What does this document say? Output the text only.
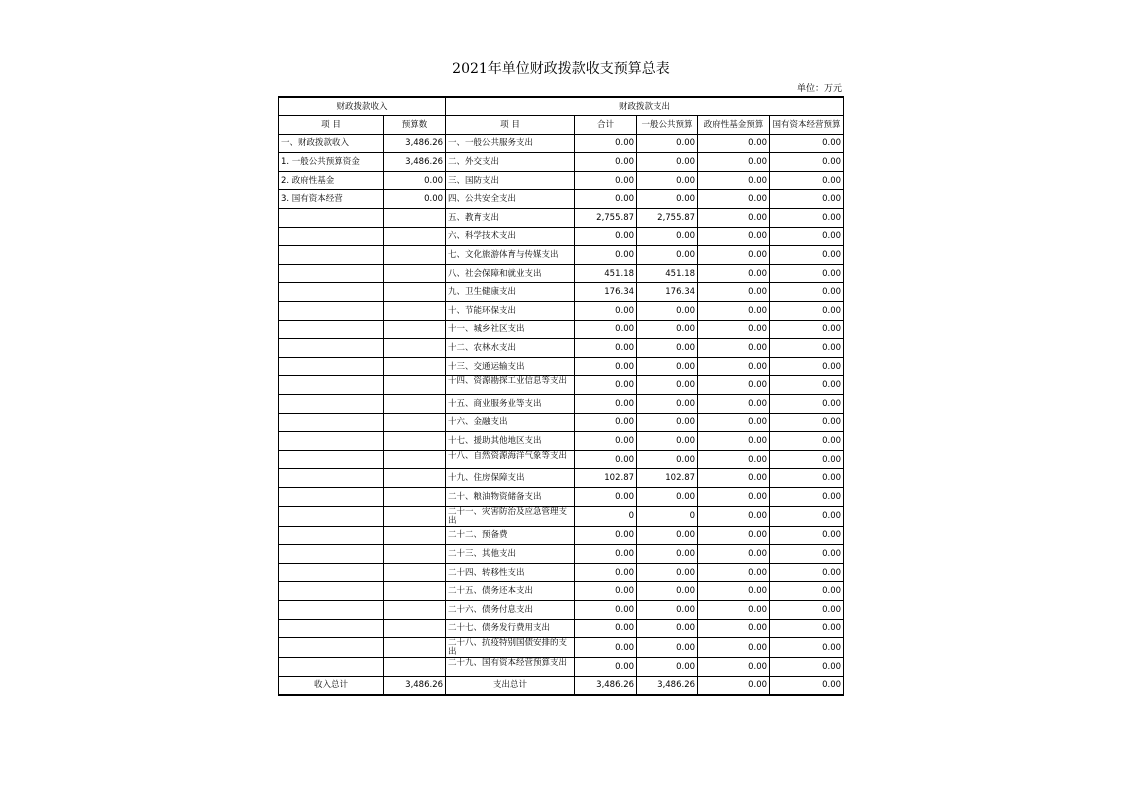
2021年单位财政拨款收支预算总表
单位：万元
财政拨款收入		财政拨款支出				
项 目	预算数	项 目	合计	一般公共预算	政府性基金预算	国有资本经营预算
一、财政拨款收入	3,486.26	一、一般公共服务支出	0.00	0.00	0.00	0.00
1. 一般公共预算资金	3,486.26	二、外交支出	0.00	0.00	0.00	0.00
2. 政府性基金	0.00	三、国防支出	0.00	0.00	0.00	0.00
3. 国有资本经营	0.00	四、公共安全支出	0.00	0.00	0.00	0.00
		五、教育支出	2,755.87	2,755.87	0.00	0.00
		六、科学技术支出	0.00	0.00	0.00	0.00
		七、文化旅游体育与传媒支出	0.00	0.00	0.00	0.00
		八、社会保障和就业支出	451.18	451.18	0.00	0.00
		九、卫生健康支出	176.34	176.34	0.00	0.00
		十、节能环保支出	0.00	0.00	0.00	0.00
		十一、城乡社区支出	0.00	0.00	0.00	0.00
		十二、农林水支出	0.00	0.00	0.00	0.00
		十三、交通运输支出	0.00	0.00	0.00	0.00
		十四、资源勘探工业信息等支出	0.00	0.00	0.00	0.00
		十五、商业服务业等支出	0.00	0.00	0.00	0.00
		十六、金融支出	0.00	0.00	0.00	0.00
		十七、援助其他地区支出	0.00	0.00	0.00	0.00
		十八、自然资源海洋气象等支出	0.00	0.00	0.00	0.00
		十九、住房保障支出	102.87	102.87	0.00	0.00
		二十、粮油物资储备支出	0.00	0.00	0.00	0.00
		二十一、灾害防治及应急管理支出	0	0	0.00	0.00
		二十二、预备费	0.00	0.00	0.00	0.00
		二十三、其他支出	0.00	0.00	0.00	0.00
		二十四、转移性支出	0.00	0.00	0.00	0.00
		二十五、债务还本支出	0.00	0.00	0.00	0.00
		二十六、债务付息支出	0.00	0.00	0.00	0.00
		二十七、债务发行费用支出	0.00	0.00	0.00	0.00
		二十八、抗疫特别国债安排的支出	0.00	0.00	0.00	0.00
		二十九、国有资本经营预算支出	0.00	0.00	0.00	0.00
收入总计	3,486.26	支出总计	3,486.26	3,486.26	0.00	0.00
